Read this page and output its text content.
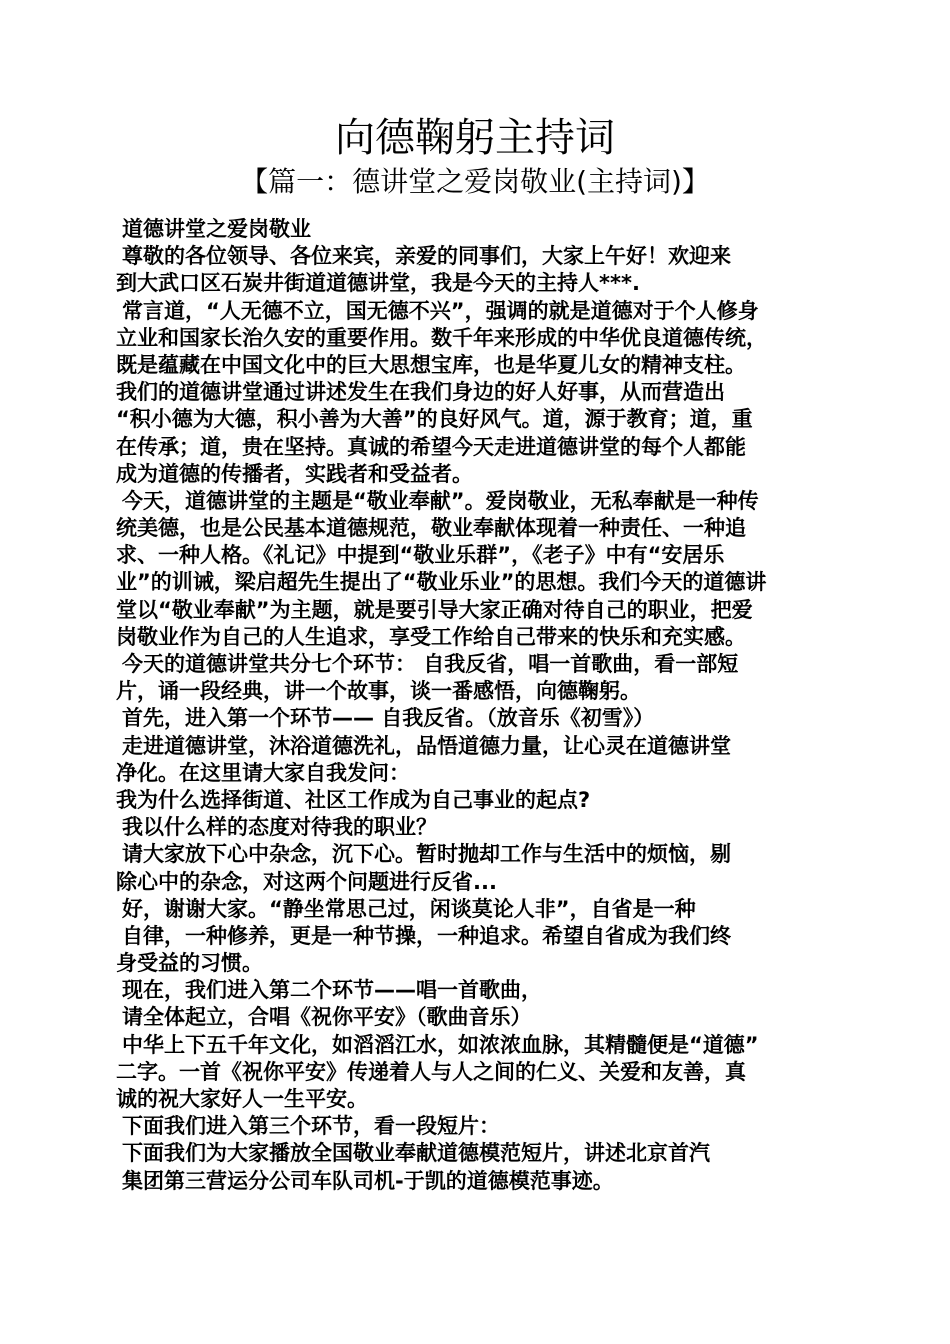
向德鞠躬主持词
【篇一：德讲堂之爱岗敬业(主持词)】

道德讲堂之爱岗敬业

尊敬的各位领导、各位来宾，亲爱的同事们，大家上午好！欢迎来

到大武口区石炭井街道道德讲堂，我是今天的主持人***.

常言道，“人无德不立，国无德不兴”，强调的就是道德对于个人修身

立业和国家长治久安的重要作用。数千年来形成的中华优良道德传统，

既是蕴藏在中国文化中的巨大思想宝库，也是华夏儿女的精神支柱。

我们的道德讲堂通过讲述发生在我们身边的好人好事，从而营造出

“积小德为大德，积小善为大善”的良好风气。道，源于教育；道，重

在传承；道，贵在坚持。真诚的希望今天走进道德讲堂的每个人都能

成为道德的传播者，实践者和受益者。

今天，道德讲堂的主题是“敬业奉献”。爱岗敬业，无私奉献是一种传

统美德，也是公民基本道德规范，敬业奉献体现着一种责任、一种追

求、一种人格。《礼记》中提到“敬业乐群”，《老子》中有“安居乐

业”的训诫，梁启超先生提出了“敬业乐业”的思想。我们今天的道德讲

堂以“敬业奉献”为主题，就是要引导大家正确对待自己的职业，把爱

岗敬业作为自己的人生追求，享受工作给自己带来的快乐和充实感。

今天的道德讲堂共分七个环节： 自我反省，唱一首歌曲，看一部短

片，诵一段经典，讲一个故事，谈一番感悟，向德鞠躬。

首先，进入第一个环节—— 自我反省。（放音乐《初雪》）

走进道德讲堂，沐浴道德洗礼，品悟道德力量，让心灵在道德讲堂

净化。在这里请大家自我发问：

我为什么选择街道、社区工作成为自己事业的起点?

我以什么样的态度对待我的职业？

请大家放下心中杂念，沉下心。暂时抛却工作与生活中的烦恼，剔

除心中的杂念，对这两个问题进行反省...

好，谢谢大家。“静坐常思己过，闲谈莫论人非”，自省是一种

自律，一种修养，更是一种节操，一种追求。希望自省成为我们终

身受益的习惯。

现在，我们进入第二个环节——唱一首歌曲，

请全体起立，合唱《祝你平安》（歌曲音乐）

中华上下五千年文化，如滔滔江水，如浓浓血脉，其精髓便是“道德”

二字。一首《祝你平安》传递着人与人之间的仁义、关爱和友善，真

诚的祝大家好人一生平安。

下面我们进入第三个环节，看一段短片：

下面我们为大家播放全国敬业奉献道德模范短片，讲述北京首汽

集团第三营运分公司车队司机-于凯的道德模范事迹。
